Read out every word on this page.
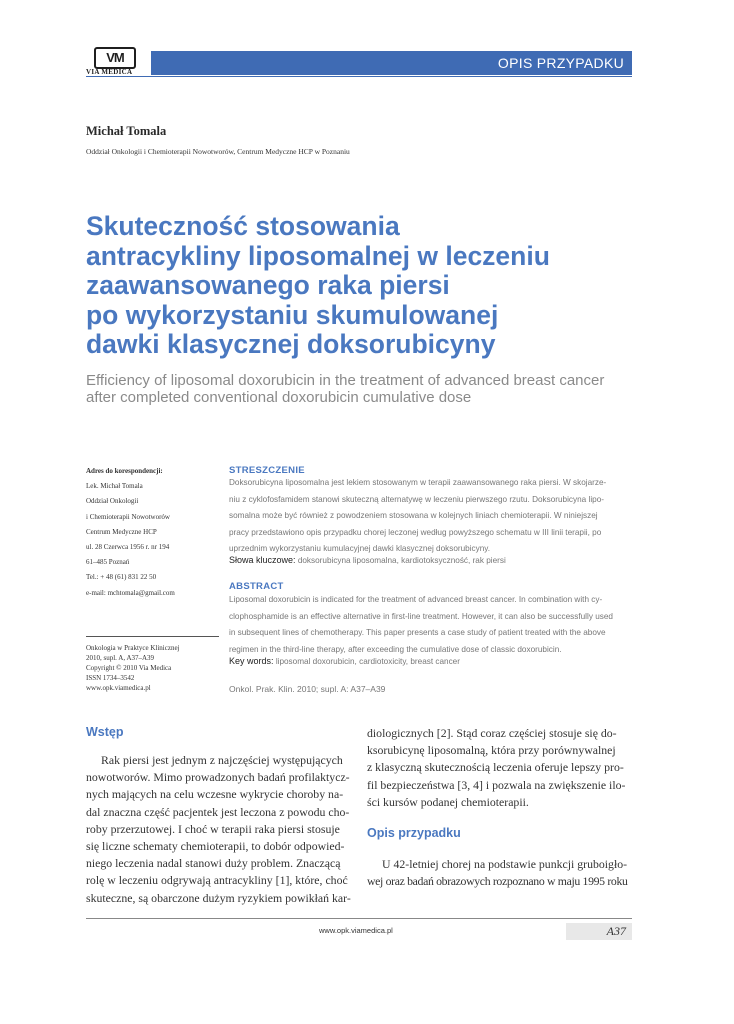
VM
VIA MEDICA
OPIS PRZYPADKU
Michał Tomala
Oddział Onkologii i Chemioterapii Nowotworów, Centrum Medyczne HCP w Poznaniu
Skuteczność stosowania
antracykliny liposomalnej w leczeniu
zaawansowanego raka piersi
po wykorzystaniu skumulowanej
dawki klasycznej doksorubicyny
Efficiency of liposomal doxorubicin in the treatment of advanced breast cancer
after completed conventional doxorubicin cumulative dose
Adres do korespondencji:
Lek. Michał Tomala
Oddział Onkologii
i Chemioterapii Nowotworów
Centrum Medyczne HCP
ul. 28 Czerwca 1956 r. nr 194
61–485 Poznań
Tel.: + 48 (61) 831 22 50
e-mail: mchtomala@gmail.com
Onkologia w Praktyce Klinicznej
2010, supl. A, A37–A39
Copyright © 2010 Via Medica
ISSN 1734–3542
www.opk.viamedica.pl
STRESZCZENIE
Doksorubicyna liposomalna jest lekiem stosowanym w terapii zaawansowanego raka piersi. W skojarze-
niu z cyklofosfamidem stanowi skuteczną alternatywę w leczeniu pierwszego rzutu. Doksorubicyna lipo-
somalna może być również z powodzeniem stosowana w kolejnych liniach chemioterapii. W niniejszej
pracy przedstawiono opis przypadku chorej leczonej według powyższego schematu w III linii terapii, po
uprzednim wykorzystaniu kumulacyjnej dawki klasycznej doksorubicyny.
Słowa kluczowe: doksorubicyna liposomalna, kardiotoksyczność, rak piersi
ABSTRACT
Liposomal doxorubicin is indicated for the treatment of advanced breast cancer. In combination with cy-
clophosphamide is an effective alternative in first-line treatment. However, it can also be successfully used
in subsequent lines of chemotherapy. This paper presents a case study of patient treated with the above
regimen in the third-line therapy, after exceeding the cumulative dose of classic doxorubicin.
Key words: liposomal doxorubicin, cardiotoxicity, breast cancer
Onkol. Prak. Klin. 2010; supl. A: A37–A39
Wstęp
Rak piersi jest jednym z najczęściej występujących
nowotworów. Mimo prowadzonych badań profilaktycz-
nych mających na celu wczesne wykrycie choroby na-
dal znaczna część pacjentek jest leczona z powodu cho-
roby przerzutowej. I choć w terapii raka piersi stosuje
się liczne schematy chemioterapii, to dobór odpowied-
niego leczenia nadal stanowi duży problem. Znaczącą
rolę w leczeniu odgrywają antracykliny [1], które, choć
skuteczne, są obarczone dużym ryzykiem powikłań kar-
diologicznych [2]. Stąd coraz częściej stosuje się do-
ksorubicynę liposomalną, która przy porównywalnej
z klasyczną skutecznością leczenia oferuje lepszy pro-
fil bezpieczeństwa [3, 4] i pozwala na zwiększenie ilo-
ści kursów podanej chemioterapii.
Opis przypadku
U 42-letniej chorej na podstawie punkcji gruboigło-
wej oraz badań obrazowych rozpoznano w maju 1995 roku
www.opk.viamedica.pl	A37
